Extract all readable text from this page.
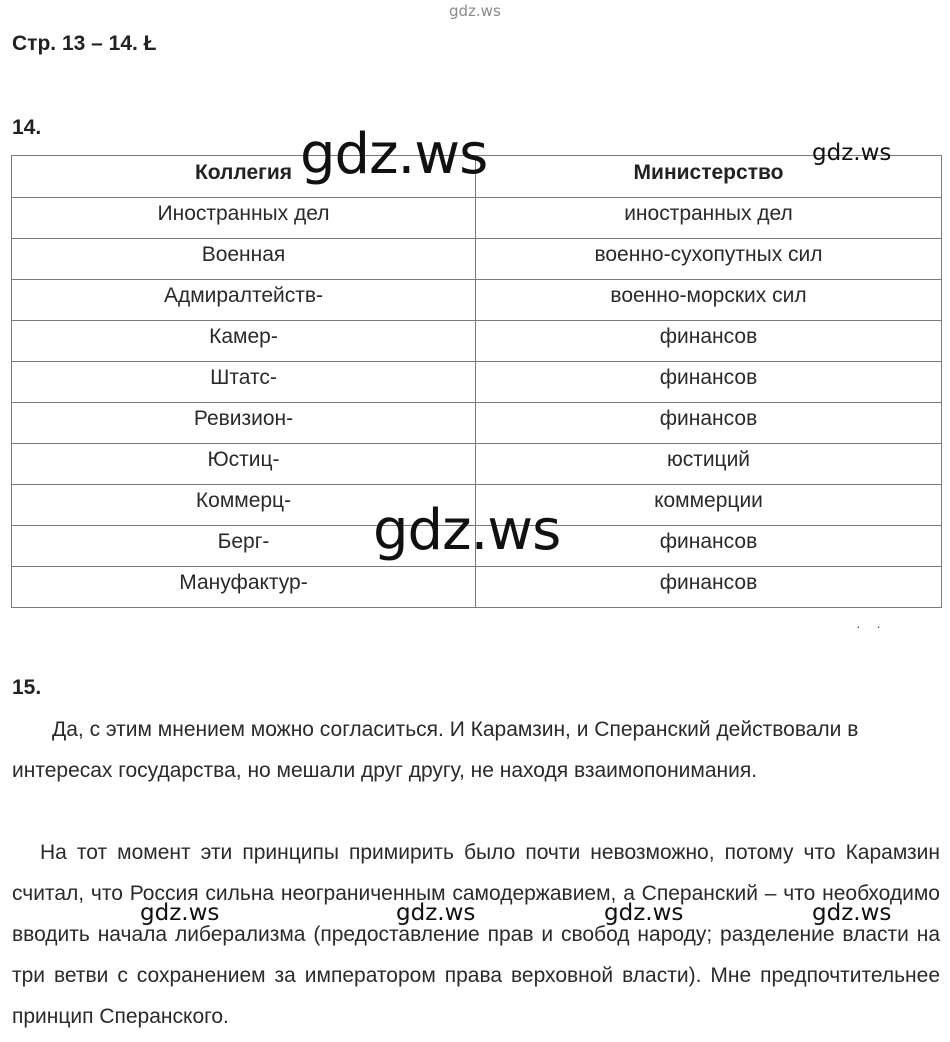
gdz.ws
Стр. 13 – 14. Ł
14.
Коллегия	Министерство
Иностранных дел	иностранных дел
Военная	военно-сухопутных сил
Адмиралтейств-	военно-морских сил
Камер-	финансов
Штатс-	финансов
Ревизион-	финансов
Юстиц-	юстиций
Коммерц-	коммерции
Берг-	финансов
Мануфактур-	финансов
gdz.ws	gdz.ws
gdz.ws
·    ·
15.
Да, с этим мнением можно согласиться. И Карамзин, и Сперанский действовали в интересах государства, но мешали друг другу, не находя взаимопонимания.
На тот момент эти принципы примирить было почти невозможно, потому что Карамзин считал, что Россия сильна неограниченным самодержавием, а Сперанский – что необходимо вводить начала либерализма (предоставление прав и свобод народу; разделение власти на три ветви с сохранением за императором права верховной власти). Мне предпочтительнее принцип Сперанского.
gdz.ws	gdz.ws	gdz.ws	gdz.ws
